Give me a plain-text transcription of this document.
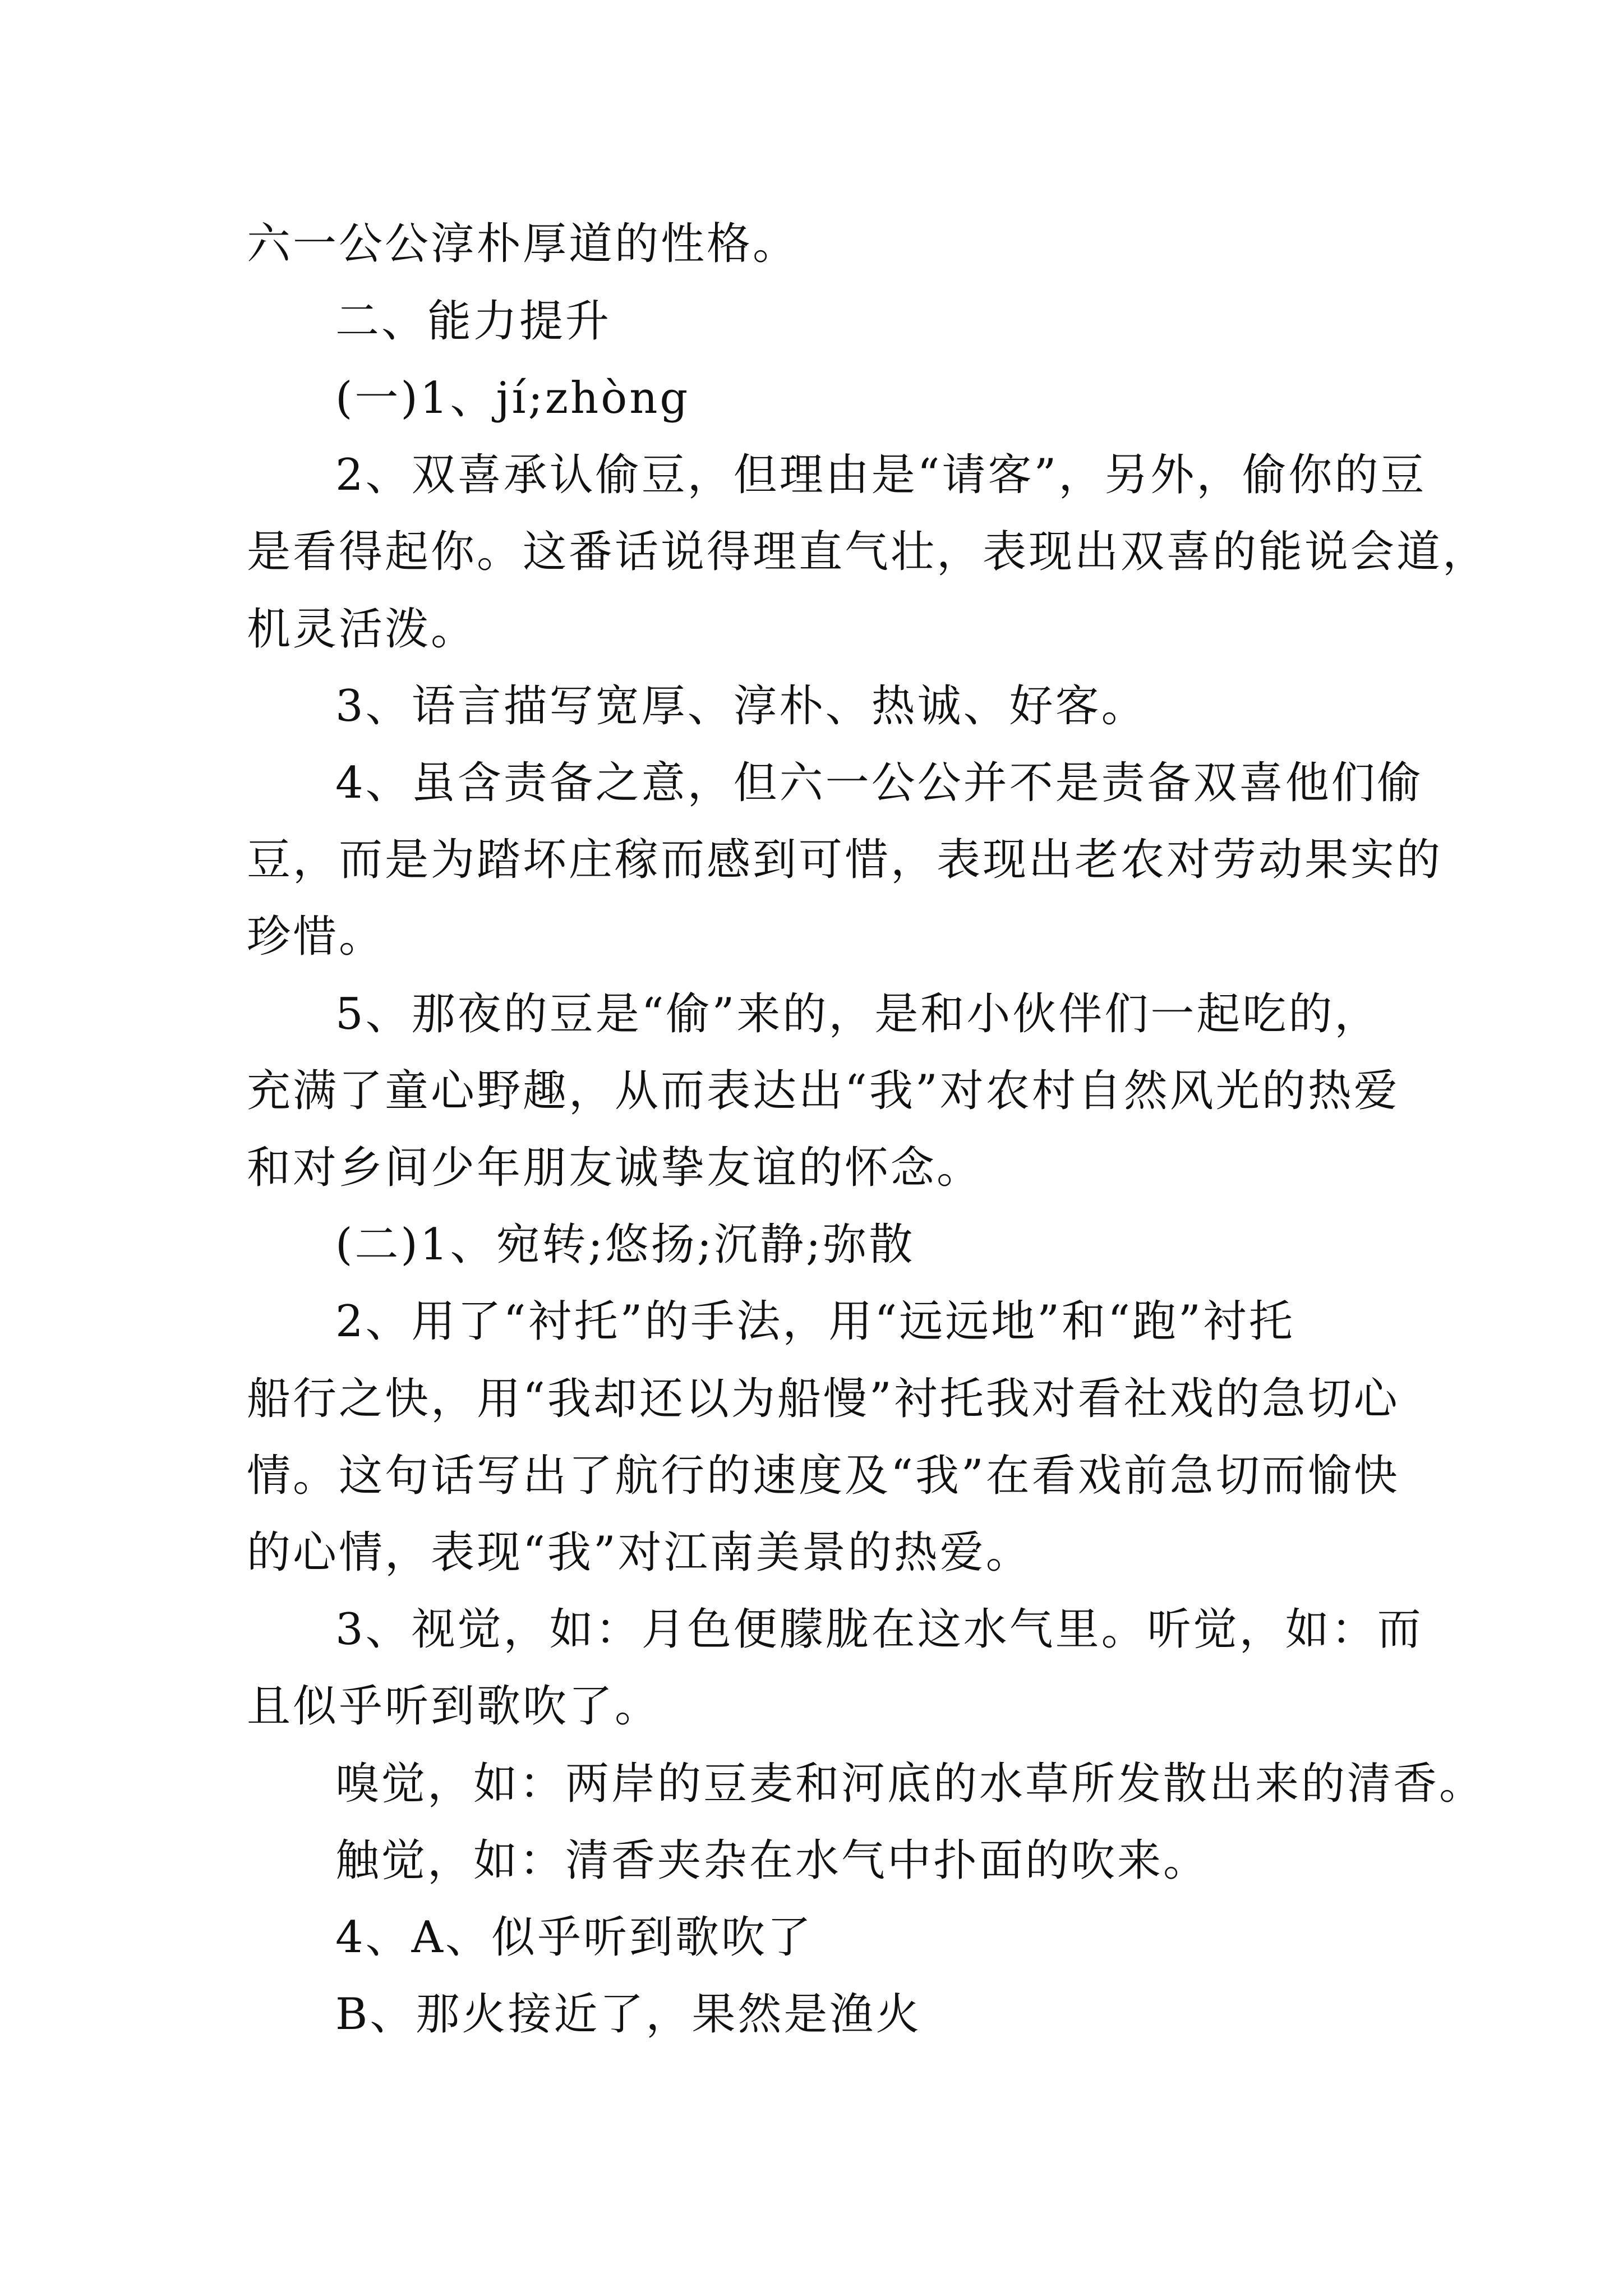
六一公公淳朴厚道的性格。
二、能力提升
(一)1、jí;zhòng
2、双喜承认偷豆，但理由是“请客”，另外，偷你的豆
是看得起你。这番话说得理直气壮，表现出双喜的能说会道，
机灵活泼。
3、语言描写宽厚、淳朴、热诚、好客。
4、虽含责备之意，但六一公公并不是责备双喜他们偷
豆，而是为踏坏庄稼而感到可惜，表现出老农对劳动果实的
珍惜。
5、那夜的豆是“偷”来的，是和小伙伴们一起吃的，
充满了童心野趣，从而表达出“我”对农村自然风光的热爱
和对乡间少年朋友诚挚友谊的怀念。
(二)1、宛转;悠扬;沉静;弥散
2、用了“衬托”的手法，用“远远地”和“跑”衬托
船行之快，用“我却还以为船慢”衬托我对看社戏的急切心
情。这句话写出了航行的速度及“我”在看戏前急切而愉快
的心情，表现“我”对江南美景的热爱。
3、视觉，如：月色便朦胧在这水气里。听觉，如：而
且似乎听到歌吹了。
嗅觉，如：两岸的豆麦和河底的水草所发散出来的清香。
触觉，如：清香夹杂在水气中扑面的吹来。
4、A、似乎听到歌吹了
B、那火接近了，果然是渔火
